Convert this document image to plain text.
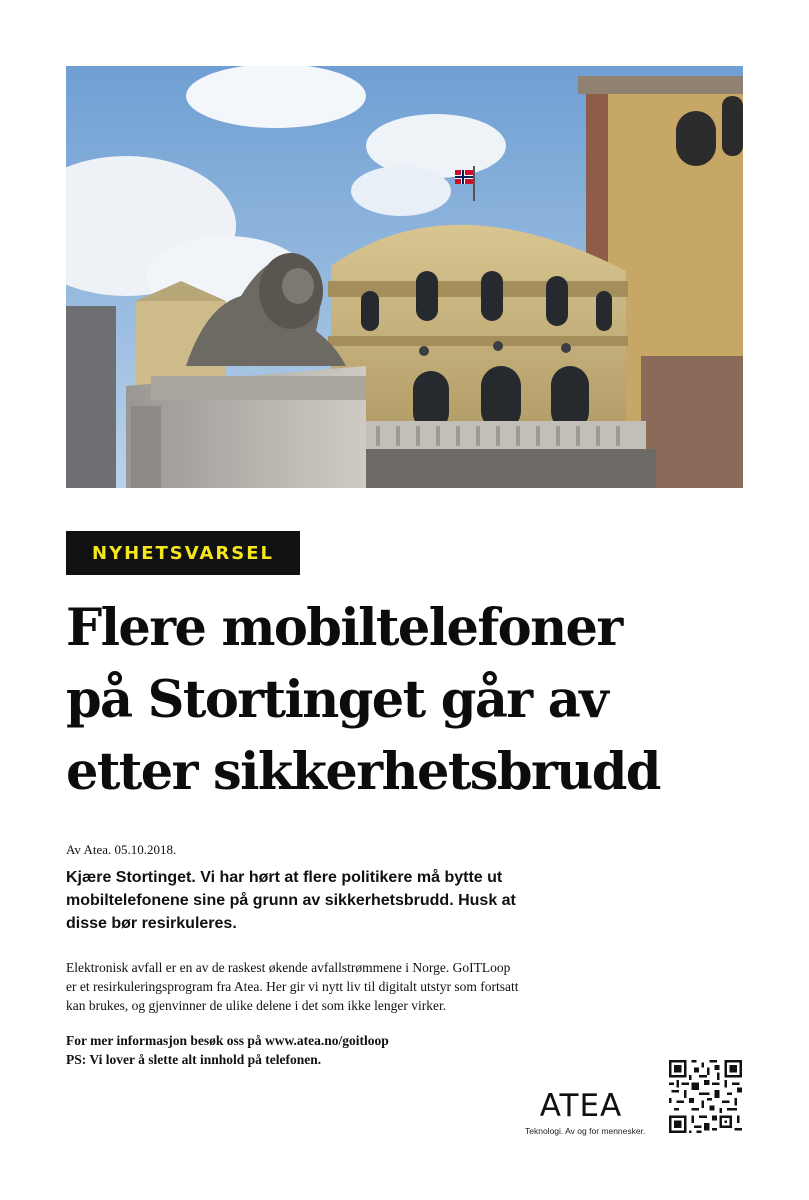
NYHETSVARSEL
Flere mobiltelefoner
på Stortinget går av
etter sikkerhetsbrudd
Av Atea. 05.10.2018.

Kjære Stortinget. Vi har hørt at flere politikere må bytte ut
mobiltelefonene sine på grunn av sikkerhetsbrudd. Husk at
disse bør resirkuleres.

Elektronisk avfall er en av de raskest økende avfallstrømmene i Norge. GoITLoop
er et resirkuleringsprogram fra Atea. Her gir vi nytt liv til digitalt utstyr som fortsatt
kan brukes, og gjenvinner de ulike delene i det som ikke lenger virker.

For mer informasjon besøk oss på www.atea.no/goitloop
PS: Vi lover å slette alt innhold på telefonen.

ATEA
Teknologi. Av og for mennesker.
